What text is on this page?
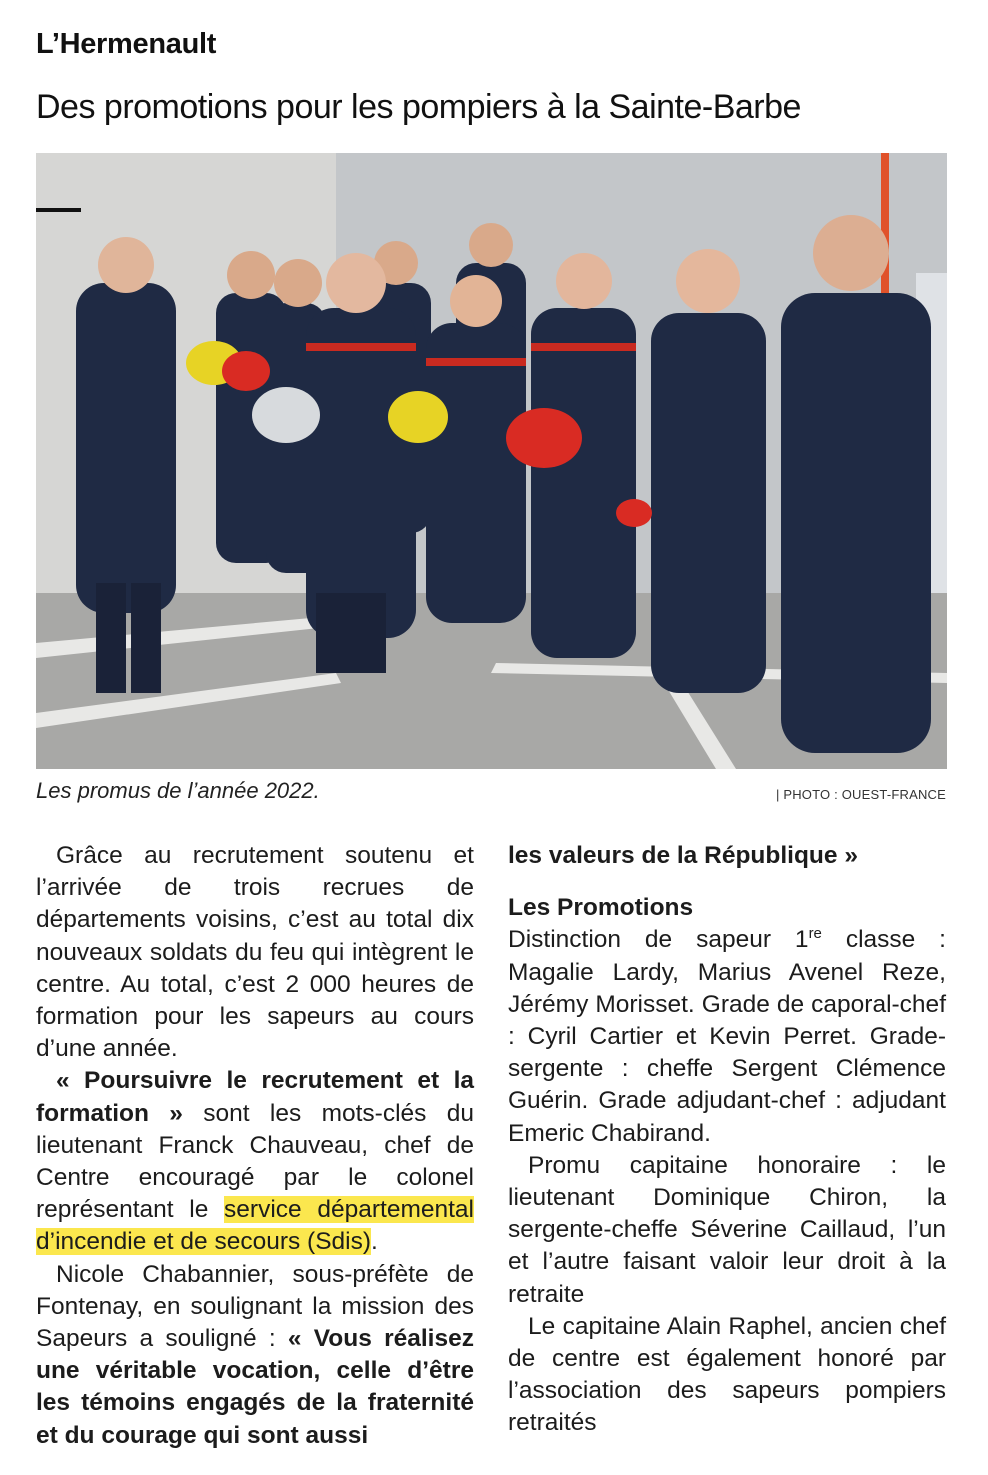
L’Hermenault
Des promotions pour les pompiers à la Sainte-Barbe
Les promus de l’année 2022.	| PHOTO : OUEST-FRANCE

Grâce au recrutement soutenu et l’arrivée de trois recrues de départements voisins, c’est au total dix nouveaux soldats du feu qui intègrent le centre. Au total, c’est 2 000 heures de formation pour les sapeurs au cours d’une année.

« Poursuivre le recrutement et la formation » sont les mots-clés du lieutenant Franck Chauveau, chef de Centre encouragé par le colonel représentant le service départemental d’incendie et de secours (Sdis).

Nicole Chabannier, sous-préfète de Fontenay, en soulignant la mission des Sapeurs a souligné : « Vous réalisez une véritable vocation, celle d’être les témoins engagés de la fraternité et du courage qui sont aussi

les valeurs de la République »

Les Promotions

Distinction de sapeur 1re classe : Magalie Lardy, Marius Avenel Reze, Jérémy Morisset. Grade de caporal-chef : Cyril Cartier et Kevin Perret. Grade-sergente : cheffe Sergent Clémence Guérin. Grade adjudant-chef : adjudant Emeric Chabirand.

Promu capitaine honoraire : le lieutenant Dominique Chiron, la sergente-cheffe Séverine Caillaud, l’un et l’autre faisant valoir leur droit à la retraite

Le capitaine Alain Raphel, ancien chef de centre est également honoré par l’association des sapeurs pompiers retraités
